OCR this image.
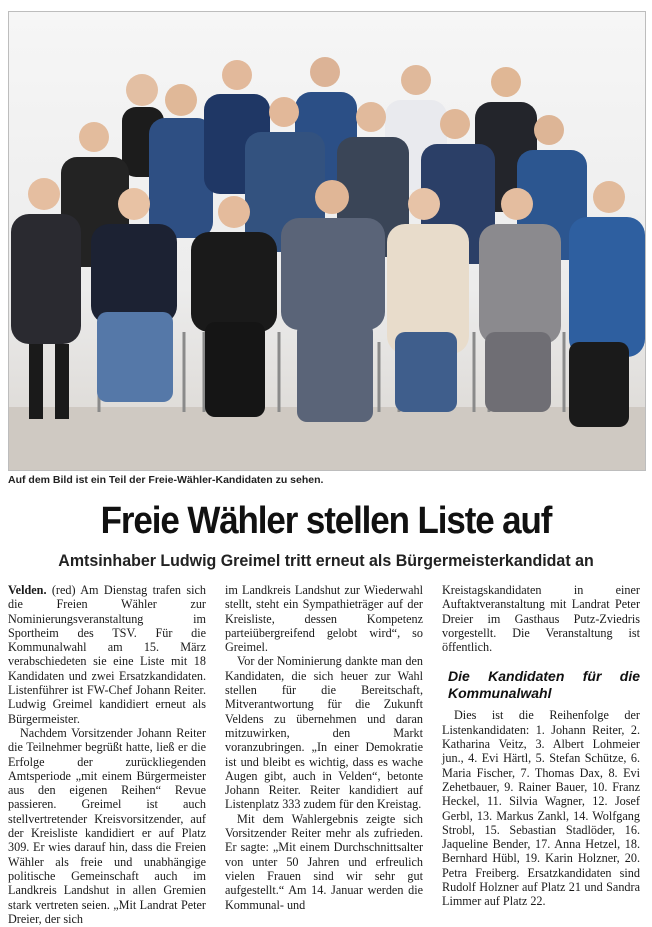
Auf dem Bild ist ein Teil der Freie-Wähler-Kandidaten zu sehen.
Freie Wähler stellen Liste auf
Amtsinhaber Ludwig Greimel tritt erneut als Bürgermeisterkandidat an

Velden. (red) Am Dienstag trafen sich die Freien Wähler zur Nominierungsveranstaltung im Sportheim des TSV. Für die Kommunalwahl am 15. März verabschiedeten sie eine Liste mit 18 Kandidaten und zwei Ersatzkandidaten. Listenführer ist FW-Chef Johann Reiter. Ludwig Greimel kandidiert erneut als Bürgermeister.

Nachdem Vorsitzender Johann Reiter die Teilnehmer begrüßt hatte, ließ er die Erfolge der zurückliegenden Amtsperiode „mit einem Bürgermeister aus den eigenen Reihen“ Revue passieren. Greimel ist auch stellvertretender Kreisvorsitzender, auf der Kreisliste kandidiert er auf Platz 309. Er wies darauf hin, dass die Freien Wähler als freie und unabhängige politische Gemeinschaft auch im Landkreis Landshut in allen Gremien stark vertreten seien. „Mit Landrat Peter Dreier, der sich

im Landkreis Landshut zur Wiederwahl stellt, steht ein Sympathieträger auf der Kreisliste, dessen Kompetenz parteiübergreifend gelobt wird“, so Greimel.

Vor der Nominierung dankte man den Kandidaten, die sich heuer zur Wahl stellen für die Bereitschaft, Mitverantwortung für die Zukunft Veldens zu übernehmen und daran mitzuwirken, den Markt voranzubringen. „In einer Demokratie ist und bleibt es wichtig, dass es wache Augen gibt, auch in Velden“, betonte Johann Reiter. Reiter kandidiert auf Listenplatz 333 zudem für den Kreistag.

Mit dem Wahlergebnis zeigte sich Vorsitzender Reiter mehr als zufrieden. Er sagte: „Mit einem Durchschnittsalter von unter 50 Jahren und erfreulich vielen Frauen sind wir sehr gut aufgestellt.“ Am 14. Januar werden die Kommunal- und

Kreistagskandidaten in einer Auftaktveranstaltung mit Landrat Peter Dreier im Gasthaus Putz-Zviedris vorgestellt. Die Veranstaltung ist öffentlich.

Die Kandidaten für die Kommunalwahl

Dies ist die Reihenfolge der Listenkandidaten: 1. Johann Reiter, 2. Katharina Veitz, 3. Albert Lohmeier jun., 4. Evi Härtl, 5. Stefan Schütze, 6. Maria Fischer, 7. Thomas Dax, 8. Evi Zehetbauer, 9. Rainer Bauer, 10. Franz Heckel, 11. Silvia Wagner, 12. Josef Gerbl, 13. Markus Zankl, 14. Wolfgang Strobl, 15. Sebastian Stadlöder, 16. Jaqueline Bender, 17. Anna Hetzel, 18. Bernhard Hübl, 19. Karin Holzner, 20. Petra Freiberg. Ersatzkandidaten sind Rudolf Holzner auf Platz 21 und Sandra Limmer auf Platz 22.
